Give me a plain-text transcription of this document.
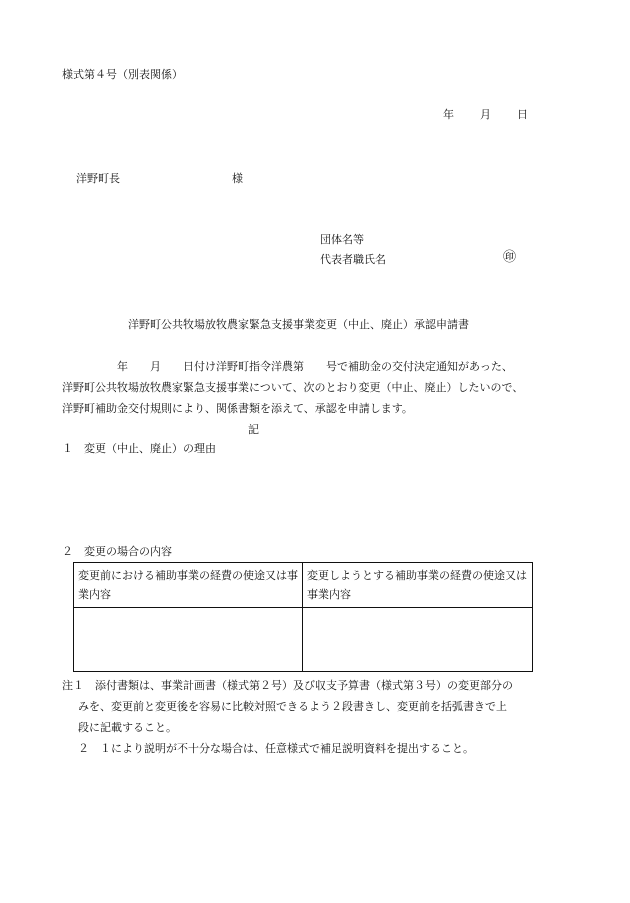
様式第４号（別表関係）
年 月 日
洋野町長	様
団体名等
代表者職氏名	㊞
洋野町公共牧場放牧農家緊急支援事業変更（中止、廃止）承認申請書
　　　　　年　　月　　日付け洋野町指令洋農第　　号で補助金の交付決定通知があった、
洋野町公共牧場放牧農家緊急支援事業について、次のとおり変更（中止、廃止）したいので、
洋野町補助金交付規則により、関係書類を添えて、承認を申請します。
記
１　変更（中止、廃止）の理由
２　変更の場合の内容
変更前における補助事業の経費の使途又は事業内容	変更しようとする補助事業の経費の使途又は事業内容

注１　添付書類は、事業計画書（様式第２号）及び収支予算書（様式第３号）の変更部分の
みを、変更前と変更後を容易に比較対照できるよう２段書きし、変更前を括弧書きで上
段に記載すること。
２　１により説明が不十分な場合は、任意様式で補足説明資料を提出すること。
